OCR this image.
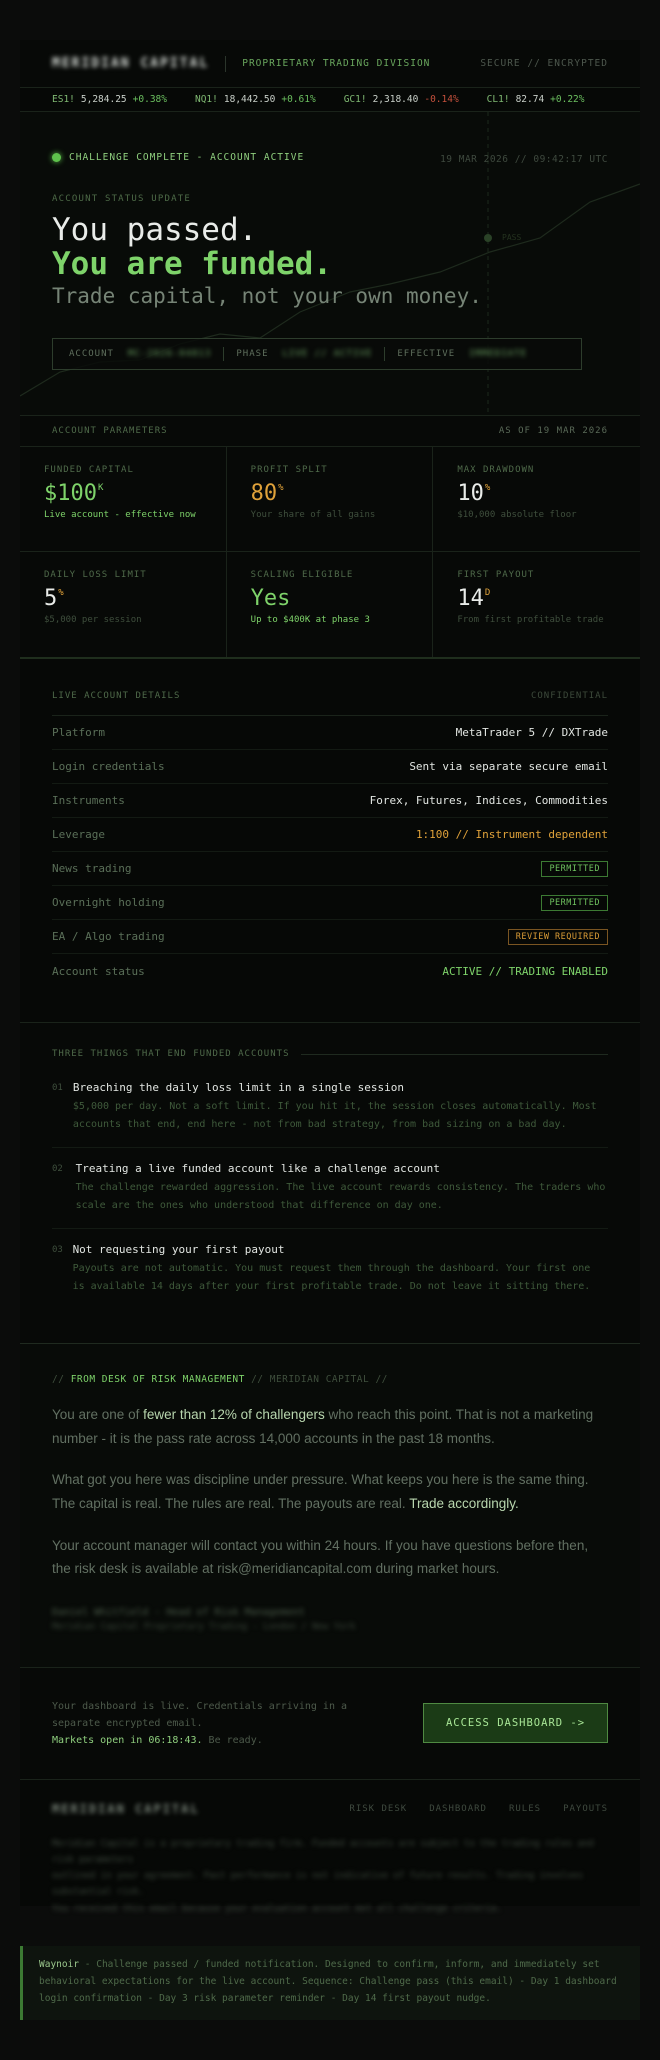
MERIDIAN CAPITAL	PROPRIETARY TRADING DIVISION	SECURE // ENCRYPTED
ES1! 5,284.25 +0.38%	NQ1! 18,442.50 +0.61%	GC1! 2,318.40 -0.14%	CL1! 82.74 +0.22%
PASS
CHALLENGE COMPLETE - ACCOUNT ACTIVE	19 MAR 2026 // 09:42:17 UTC
ACCOUNT STATUS UPDATE
You passed.
You are funded.
Trade capital, not your own money.
ACCOUNT MC-2026-04813	PHASE LIVE // ACTIVE	EFFECTIVE IMMEDIATE
ACCOUNT PARAMETERS	AS OF 19 MAR 2026
FUNDED CAPITAL
$\$100^K$
Live account - effective now
PROFIT SPLIT
80%
Your share of all gains
MAX DRAWDOWN
10%
$10,000 absolute floor
DAILY LOSS LIMIT
5%
$5,000 per session
SCALING ELIGIBLE
Yes
Up to $400K at phase 3
FIRST PAYOUT
$14^D$
From first profitable trade
LIVE ACCOUNT DETAILS	CONFIDENTIAL
Platform	MetaTrader 5 // DXTrade
Login credentials	Sent via separate secure email
Instruments	Forex, Futures, Indices, Commodities
Leverage	1:100 // Instrument dependent
News trading	PERMITTED
Overnight holding	PERMITTED
EA / Algo trading	REVIEW REQUIRED
Account status	ACTIVE // TRADING ENABLED
THREE THINGS THAT END FUNDED ACCOUNTS
01 Breaching the daily loss limit in a single session
$5,000 per day. Not a soft limit. If you hit it, the session closes automatically. Most accounts that end, end here - not from bad strategy, from bad sizing on a bad day.
02	Treating a live funded account like a challenge account
The challenge rewarded aggression. The live account rewards consistency. The traders who scale are the ones who understood that difference on day one.
03 Not requesting your first payout
Payouts are not automatic. You must request them through the dashboard. Your first one is available 14 days after your first profitable trade. Do not leave it sitting there.
// FROM DESK OF RISK MANAGEMENT // MERIDIAN CAPITAL //

You are one of fewer than 12% of challengers who reach this point. That is not a marketing number - it is the pass rate across 14,000 accounts in the past 18 months.

What got you here was discipline under pressure. What keeps you here is the same thing. The capital is real. The rules are real. The payouts are real. Trade accordingly.

Your account manager will contact you within 24 hours. If you have questions before then, the risk desk is available at risk@meridiancapital.com during market hours.

Daniel Whitfield - Head of Risk Management
Meridian Capital Proprietary Trading - London / New York
Your dashboard is live. Credentials arriving in a separate encrypted email.
Markets open in 06:18:43. Be ready.
ACCESS DASHBOARD ->
MERIDIAN CAPITAL	RISK DESK DASHBOARD RULES PAYOUTS
Meridian Capital is a proprietary trading firm. Funded accounts are subject to the trading rules and risk parameters
outlined in your agreement. Past performance is not indicative of future results. Trading involves substantial risk.
You received this email because your evaluation account met all challenge criteria.
Waynoir - Challenge passed / funded notification. Designed to confirm, inform, and immediately set behavioral expectations for the live account. Sequence: Challenge pass (this email) - Day 1 dashboard login confirmation - Day 3 risk parameter reminder - Day 14 first payout nudge.
